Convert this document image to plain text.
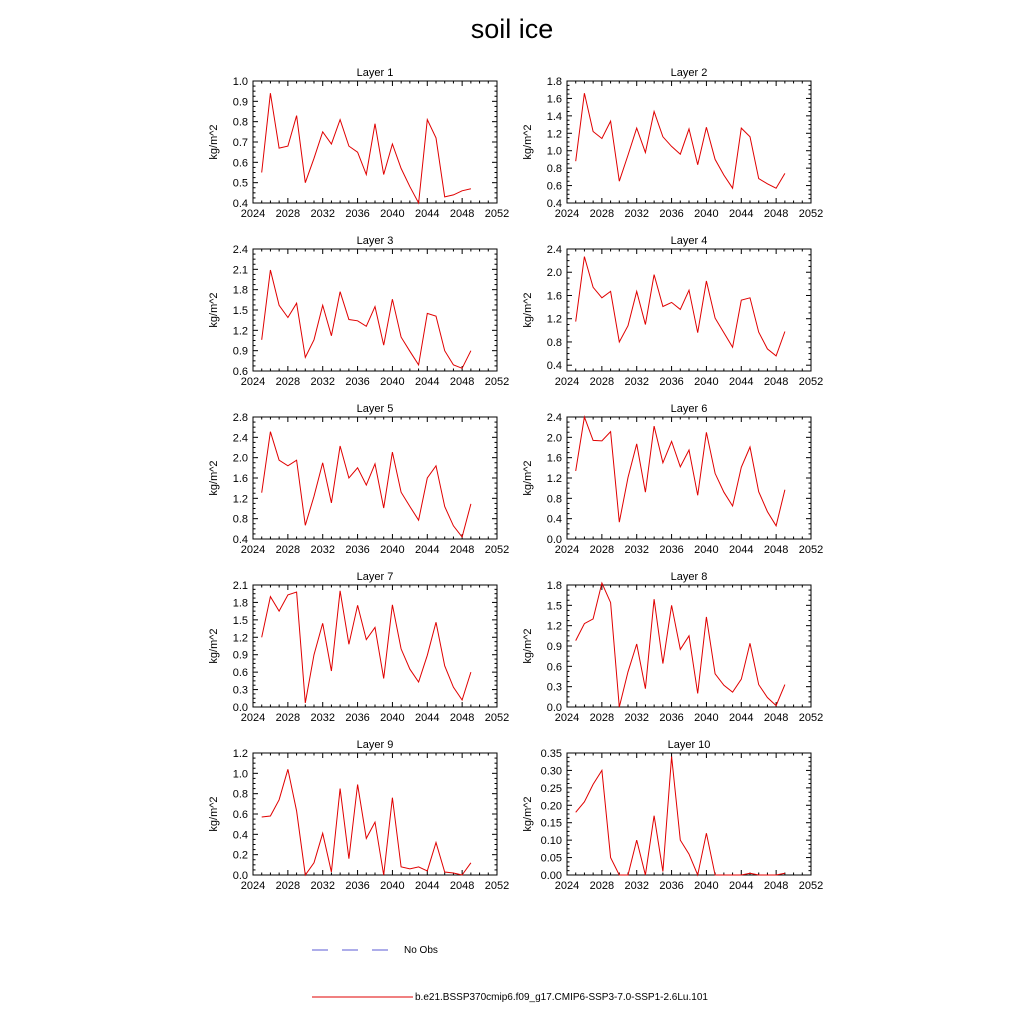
soil ice
Layer 1
kg/m^2
2024 2028 2032 2036 2040 2044 2048 2052
0.4
0.5
0.6
0.7
0.8
0.9
1.0
Layer 2
kg/m^2
2024 2028 2032 2036 2040 2044 2048 2052
0.4
0.6
0.8
1.0
1.2
1.4
1.6
1.8
Layer 3
kg/m^2
2024 2028 2032 2036 2040 2044 2048 2052
0.6
0.9
1.2
1.5
1.8
2.1
2.4
Layer 4
kg/m^2
2024 2028 2032 2036 2040 2044 2048 2052
0.4
0.8
1.2
1.6
2.0
2.4
Layer 5
kg/m^2
2024 2028 2032 2036 2040 2044 2048 2052
0.4
0.8
1.2
1.6
2.0
2.4
2.8
Layer 6
kg/m^2
2024 2028 2032 2036 2040 2044 2048 2052
0.0
0.4
0.8
1.2
1.6
2.0
2.4
Layer 7
kg/m^2
2024 2028 2032 2036 2040 2044 2048 2052
0.0
0.3
0.6
0.9
1.2
1.5
1.8
2.1
Layer 8
kg/m^2
2024 2028 2032 2036 2040 2044 2048 2052
0.0
0.3
0.6
0.9
1.2
1.5
1.8
Layer 9
kg/m^2
2024 2028 2032 2036 2040 2044 2048 2052
0.0
0.2
0.4
0.6
0.8
1.0
1.2
Layer 10
kg/m^2
2024 2028 2032 2036 2040 2044 2048 2052
0.00
0.05
0.10
0.15
0.20
0.25
0.30
0.35
No Obs
b.e21.BSSP370cmip6.f09_g17.CMIP6-SSP3-7.0-SSP1-2.6Lu.101
